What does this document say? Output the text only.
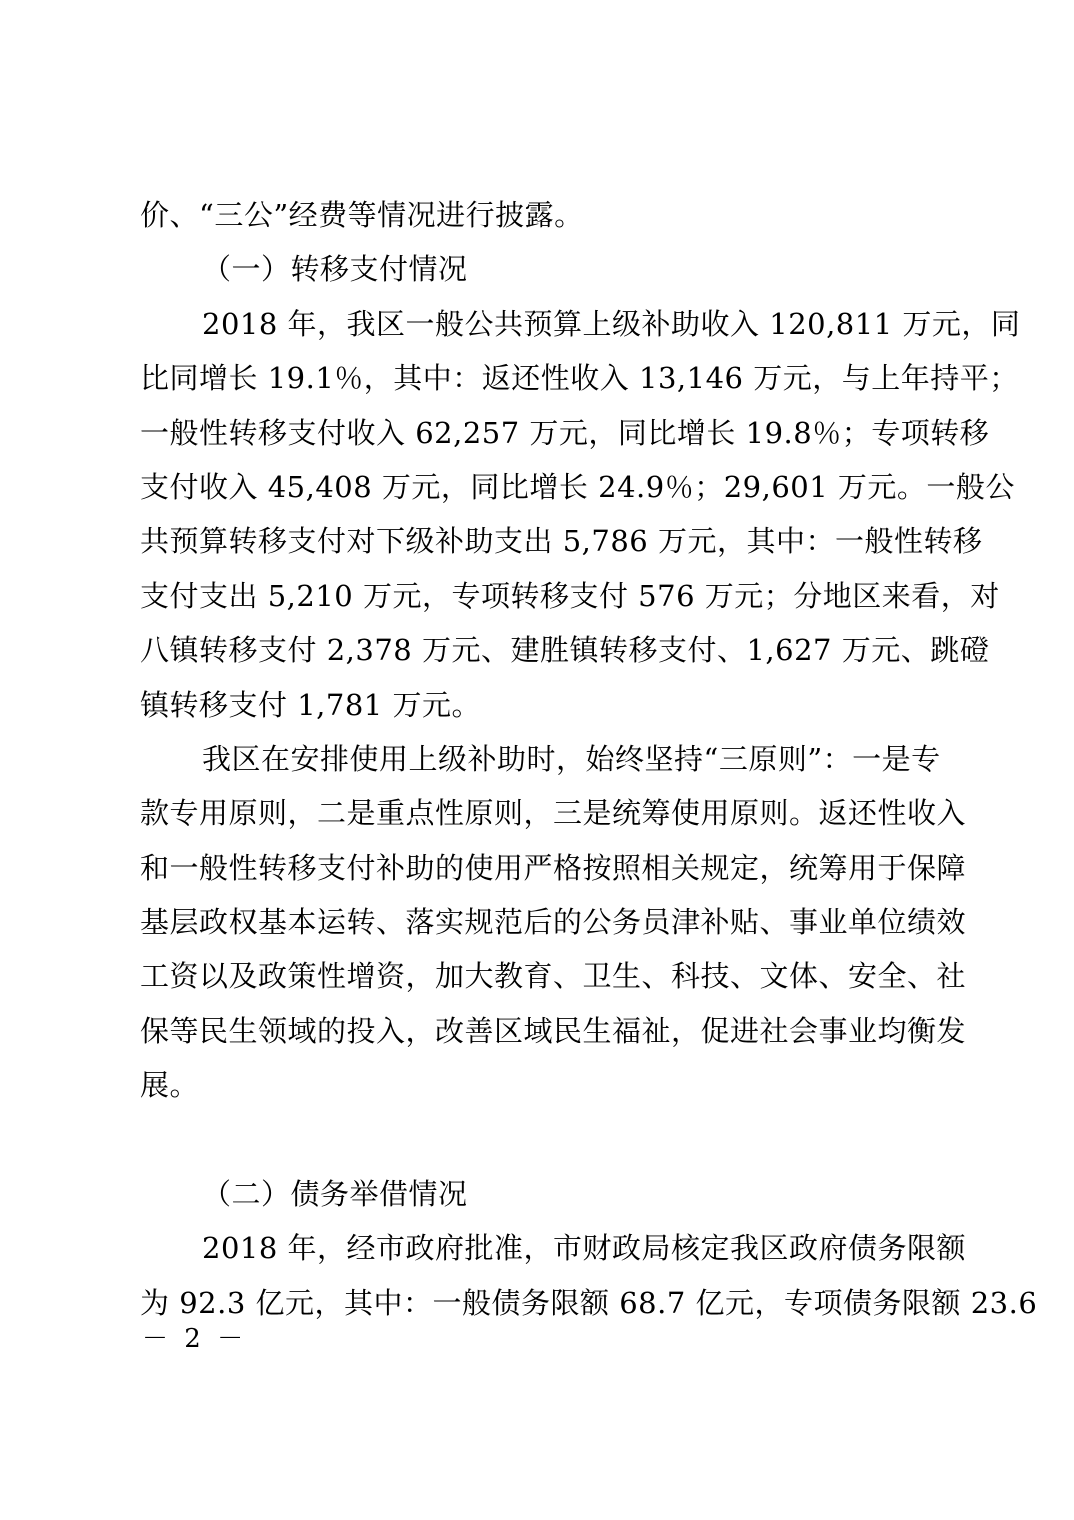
价、“三公”经费等情况进行披露。
（一）转移支付情况
2018 年，我区一般公共预算上级补助收入 120,811 万元，同
比同增长 19.1％，其中：返还性收入 13,146 万元，与上年持平；
一般性转移支付收入 62,257 万元，同比增长 19.8％；专项转移
支付收入 45,408 万元，同比增长 24.9％；29,601 万元。一般公
共预算转移支付对下级补助支出 5,786 万元，其中：一般性转移
支付支出 5,210 万元，专项转移支付 576 万元；分地区来看，对
八镇转移支付 2,378 万元、建胜镇转移支付、1,627 万元、跳磴
镇转移支付 1,781 万元。
我区在安排使用上级补助时，始终坚持“三原则”：一是专
款专用原则，二是重点性原则，三是统筹使用原则。返还性收入
和一般性转移支付补助的使用严格按照相关规定，统筹用于保障
基层政权基本运转、落实规范后的公务员津补贴、事业单位绩效
工资以及政策性增资，加大教育、卫生、科技、文体、安全、社
保等民生领域的投入，改善区域民生福祉，促进社会事业均衡发
展。
（二）债务举借情况
2018 年，经市政府批准，市财政局核定我区政府债务限额
为 92.3 亿元，其中：一般债务限额 68.7 亿元，专项债务限额 23.6
－ 2 －
